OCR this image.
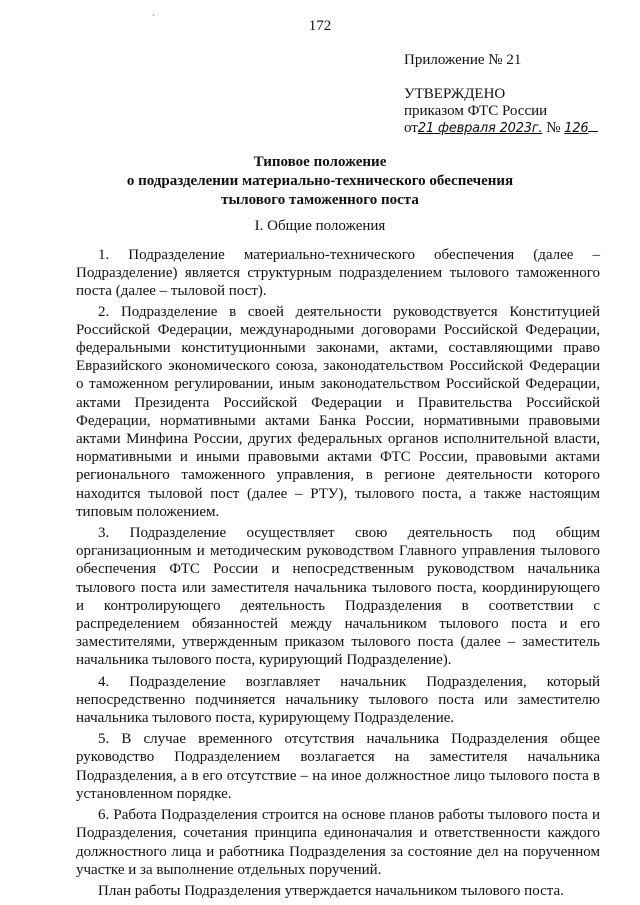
ˊ	172
Приложение № 21
УТВЕРЖДЕНО
приказом ФТС России
от21 февраля 2023г. № 126
Типовое положение
о подразделении материально-технического обеспечения
тылового таможенного поста
I. Общие положения

1. Подразделение материально-технического обеспечения (далее – Подразделение) является структурным подразделением тылового таможенного поста (далее – тыловой пост).

2. Подразделение в своей деятельности руководствуется Конституцией Российской Федерации, международными договорами Российской Федерации, федеральными конституционными законами, актами, составляющими право Евразийского экономического союза, законодательством Российской Федерации о таможенном регулировании, иным законодательством Российской Федерации, актами Президента Российской Федерации и Правительства Российской Федерации, нормативными актами Банка России, нормативными правовыми актами Минфина России, других федеральных органов исполнительной власти, нормативными и иными правовыми актами ФТС России, правовыми актами регионального таможенного управления, в регионе деятельности которого находится тыловой пост (далее – РТУ), тылового поста, а также настоящим типовым положением.

3. Подразделение осуществляет свою деятельность под общим организационным и методическим руководством Главного управления тылового обеспечения ФТС России и непосредственным руководством начальника тылового поста или заместителя начальника тылового поста, координирующего и контролирующего деятельность Подразделения в соответствии с распределением обязанностей между начальником тылового поста и его заместителями, утвержденным приказом тылового поста (далее – заместитель начальника тылового поста, курирующий Подразделение).

4. Подразделение возглавляет начальник Подразделения, который непосредственно подчиняется начальнику тылового поста или заместителю начальника тылового поста, курирующему Подразделение.

5. В случае временного отсутствия начальника Подразделения общее руководство Подразделением возлагается на заместителя начальника Подразделения, а в его отсутствие – на иное должностное лицо тылового поста в установленном порядке.

6. Работа Подразделения строится на основе планов работы тылового поста и Подразделения, сочетания принципа единоначалия и ответственности каждого должностного лица и работника Подразделения за состояние дел на порученном участке и за выполнение отдельных поручений.

План работы Подразделения утверждается начальником тылового поста.
